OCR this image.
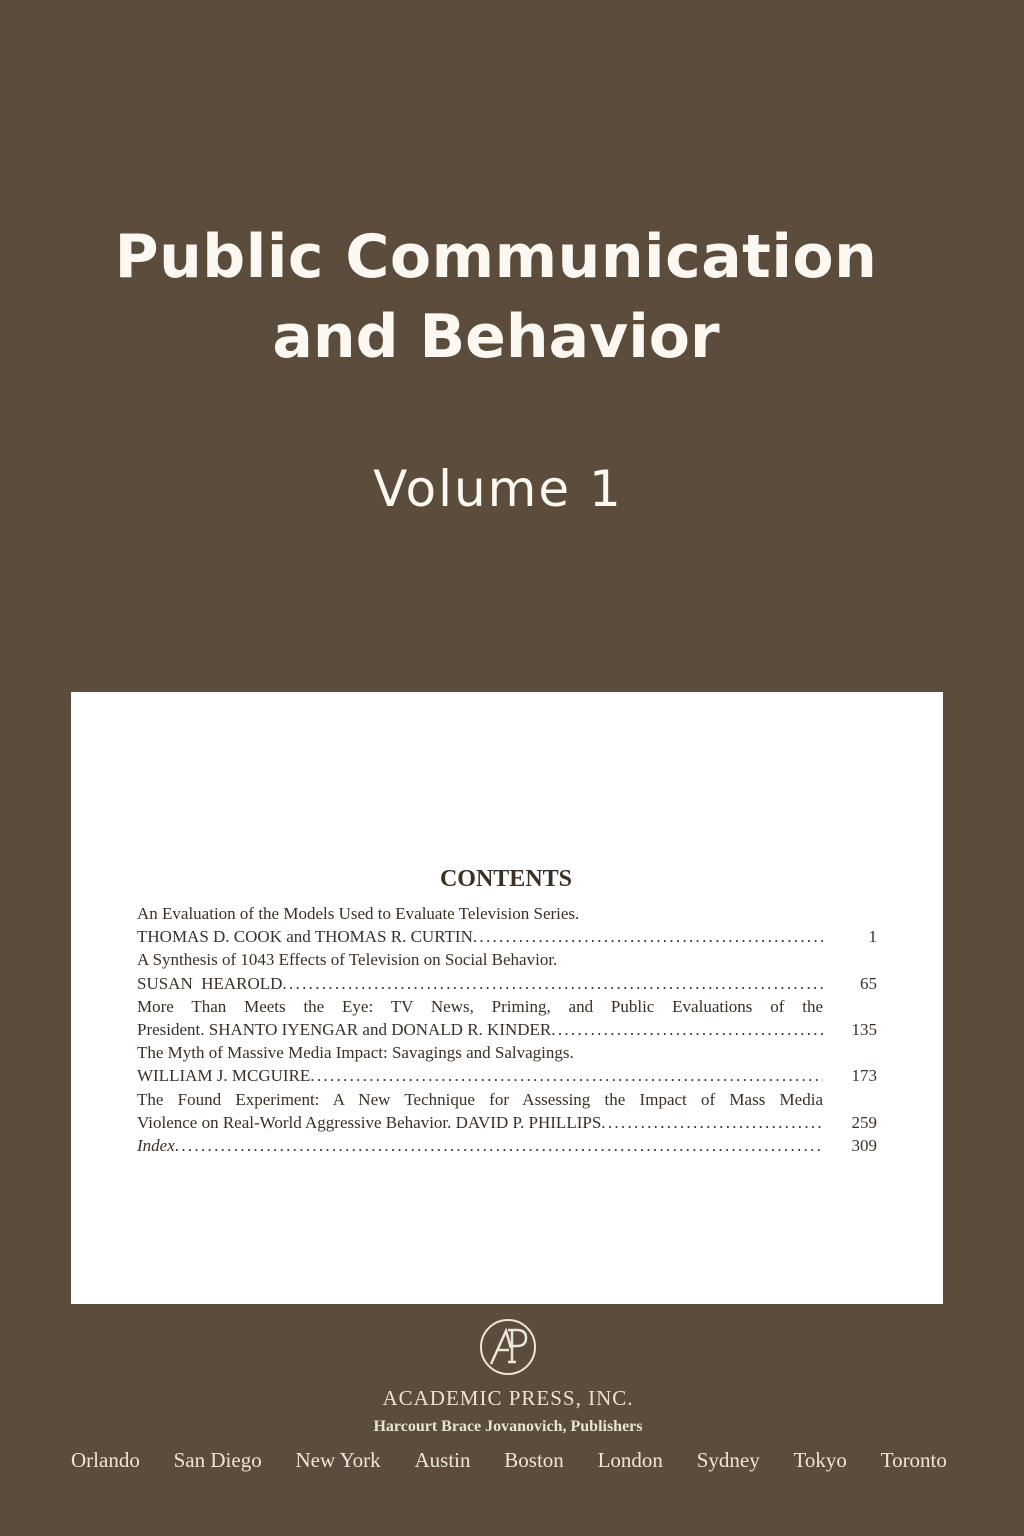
Public Communication
and Behavior
Volume 1
CONTENTS
An Evaluation of the Models Used to Evaluate Television Series.
THOMAS D. COOK and THOMAS R. CURTIN .....	1
A Synthesis of 1043 Effects of Television on Social Behavior.
SUSAN  HEAROLD .....	65
More Than Meets the Eye: TV News, Priming, and Public Evaluations of the
President. SHANTO IYENGAR and DONALD R. KINDER .....	135
The Myth of Massive Media Impact: Savagings and Salvagings.
WILLIAM J. MCGUIRE .....	173
The Found Experiment: A New Technique for Assessing the Impact of Mass Media
Violence on Real-World Aggressive Behavior. DAVID P. PHILLIPS .....	259
Index .....	309
ACADEMIC PRESS, INC.
Harcourt Brace Jovanovich, Publishers
Orlando San Diego New York Austin Boston London Sydney Tokyo Toronto
